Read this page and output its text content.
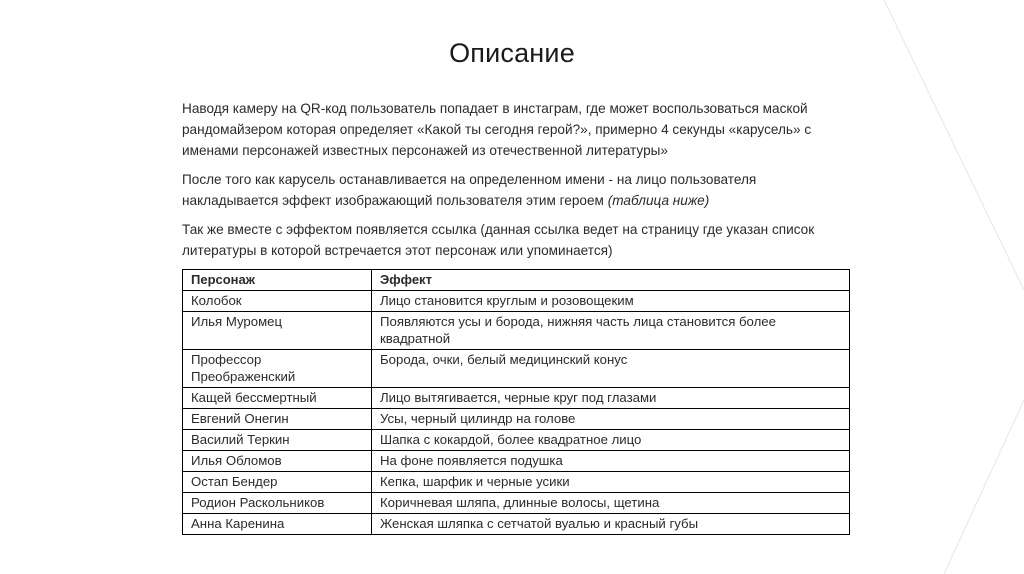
Описание

Наводя камеру на QR-код пользователь попадает в инстаграм, где может воспользоваться маской рандомайзером которая определяет «Какой ты сегодня герой?», примерно 4 секунды «карусель» с именами персонажей известных персонажей из отечественной литературы»

После того как карусель останавливается на определенном имени - на лицо пользователя накладывается эффект изображающий пользователя этим героем (таблица ниже)

Так же вместе с эффектом появляется ссылка (данная ссылка ведет на страницу где указан список литературы в которой встречается этот персонаж или упоминается)

Персонаж	Эффект
Колобок	Лицо становится круглым и розовощеким
Илья Муромец	Появляются усы и борода, нижняя часть лица становится более квадратной
Профессор Преображенский	Борода, очки, белый медицинский конус
Кащей бессмертный	Лицо вытягивается, черные круг под глазами
Евгений Онегин	Усы, черный цилиндр на голове
Василий Теркин	Шапка с кокардой, более квадратное лицо
Илья Обломов	На фоне появляется подушка
Остап Бендер	Кепка, шарфик и черные усики
Родион Раскольников	Коричневая шляпа, длинные волосы, щетина
Анна Каренина	Женская шляпка с сетчатой вуалью и красный губы
